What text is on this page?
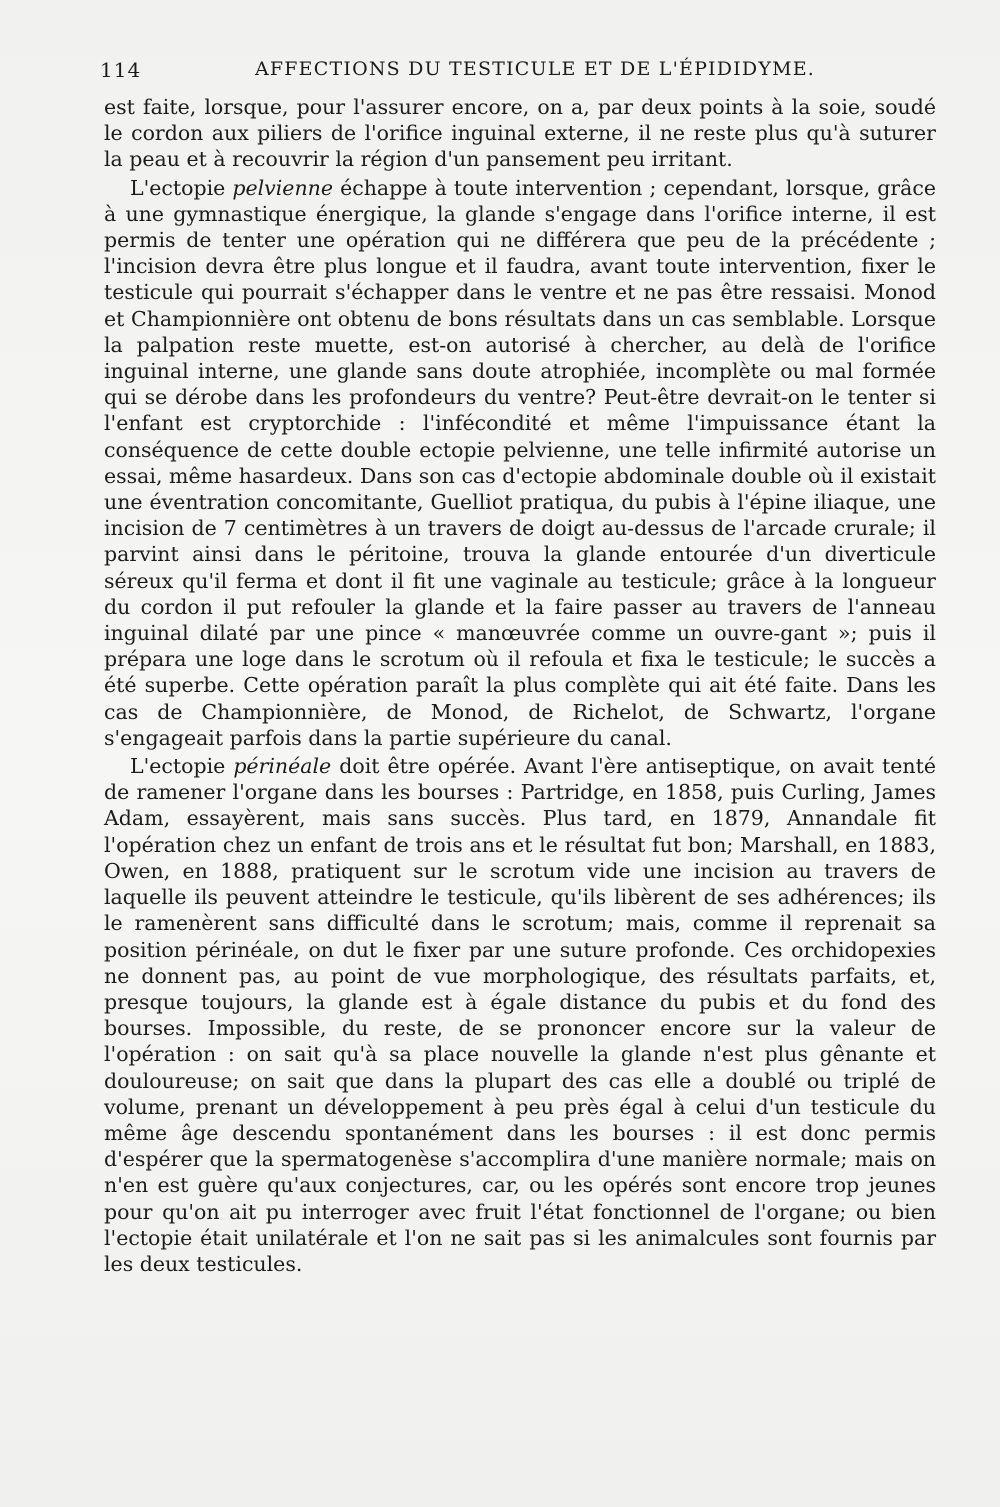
114	AFFECTIONS DU TESTICULE ET DE L'ÉPIDIDYME.

est faite, lorsque, pour l'assurer encore, on a, par deux points à la soie, soudé le cordon aux piliers de l'orifice inguinal externe, il ne reste plus qu'à suturer la peau et à recouvrir la région d'un pansement peu irritant.

L'ectopie pelvienne échappe à toute intervention ; cependant, lorsque, grâce à une gymnastique énergique, la glande s'engage dans l'orifice interne, il est permis de tenter une opération qui ne différera que peu de la précédente ; l'incision devra être plus longue et il faudra, avant toute intervention, fixer le testicule qui pourrait s'échapper dans le ventre et ne pas être ressaisi. Monod et Championnière ont obtenu de bons résultats dans un cas semblable. Lorsque la palpation reste muette, est-on autorisé à chercher, au delà de l'orifice inguinal interne, une glande sans doute atrophiée, incomplète ou mal formée qui se dérobe dans les profondeurs du ventre? Peut-être devrait-on le tenter si l'enfant est cryptorchide : l'infécondité et même l'impuissance étant la conséquence de cette double ectopie pelvienne, une telle infirmité autorise un essai, même hasardeux. Dans son cas d'ectopie abdominale double où il existait une éventration concomitante, Guelliot pratiqua, du pubis à l'épine iliaque, une incision de 7 centimètres à un travers de doigt au-dessus de l'arcade crurale; il parvint ainsi dans le péritoine, trouva la glande entourée d'un diverticule séreux qu'il ferma et dont il fit une vaginale au testicule; grâce à la longueur du cordon il put refouler la glande et la faire passer au travers de l'anneau inguinal dilaté par une pince « manœuvrée comme un ouvre-gant »; puis il prépara une loge dans le scrotum où il refoula et fixa le testicule; le succès a été superbe. Cette opération paraît la plus complète qui ait été faite. Dans les cas de Championnière, de Monod, de Richelot, de Schwartz, l'organe s'engageait parfois dans la partie supérieure du canal.

L'ectopie périnéale doit être opérée. Avant l'ère antiseptique, on avait tenté de ramener l'organe dans les bourses : Partridge, en 1858, puis Curling, James Adam, essayèrent, mais sans succès. Plus tard, en 1879, Annandale fit l'opération chez un enfant de trois ans et le résultat fut bon; Marshall, en 1883, Owen, en 1888, pratiquent sur le scrotum vide une incision au travers de laquelle ils peuvent atteindre le testicule, qu'ils libèrent de ses adhérences; ils le ramenèrent sans difficulté dans le scrotum; mais, comme il reprenait sa position périnéale, on dut le fixer par une suture profonde. Ces orchidopexies ne donnent pas, au point de vue morphologique, des résultats parfaits, et, presque toujours, la glande est à égale distance du pubis et du fond des bourses. Impossible, du reste, de se prononcer encore sur la valeur de l'opération : on sait qu'à sa place nouvelle la glande n'est plus gênante et douloureuse; on sait que dans la plupart des cas elle a doublé ou triplé de volume, prenant un développement à peu près égal à celui d'un testicule du même âge descendu spontanément dans les bourses : il est donc permis d'espérer que la spermatogenèse s'accomplira d'une manière normale; mais on n'en est guère qu'aux conjectures, car, ou les opérés sont encore trop jeunes pour qu'on ait pu interroger avec fruit l'état fonctionnel de l'organe; ou bien l'ectopie était unilatérale et l'on ne sait pas si les animalcules sont fournis par les deux testicules.
